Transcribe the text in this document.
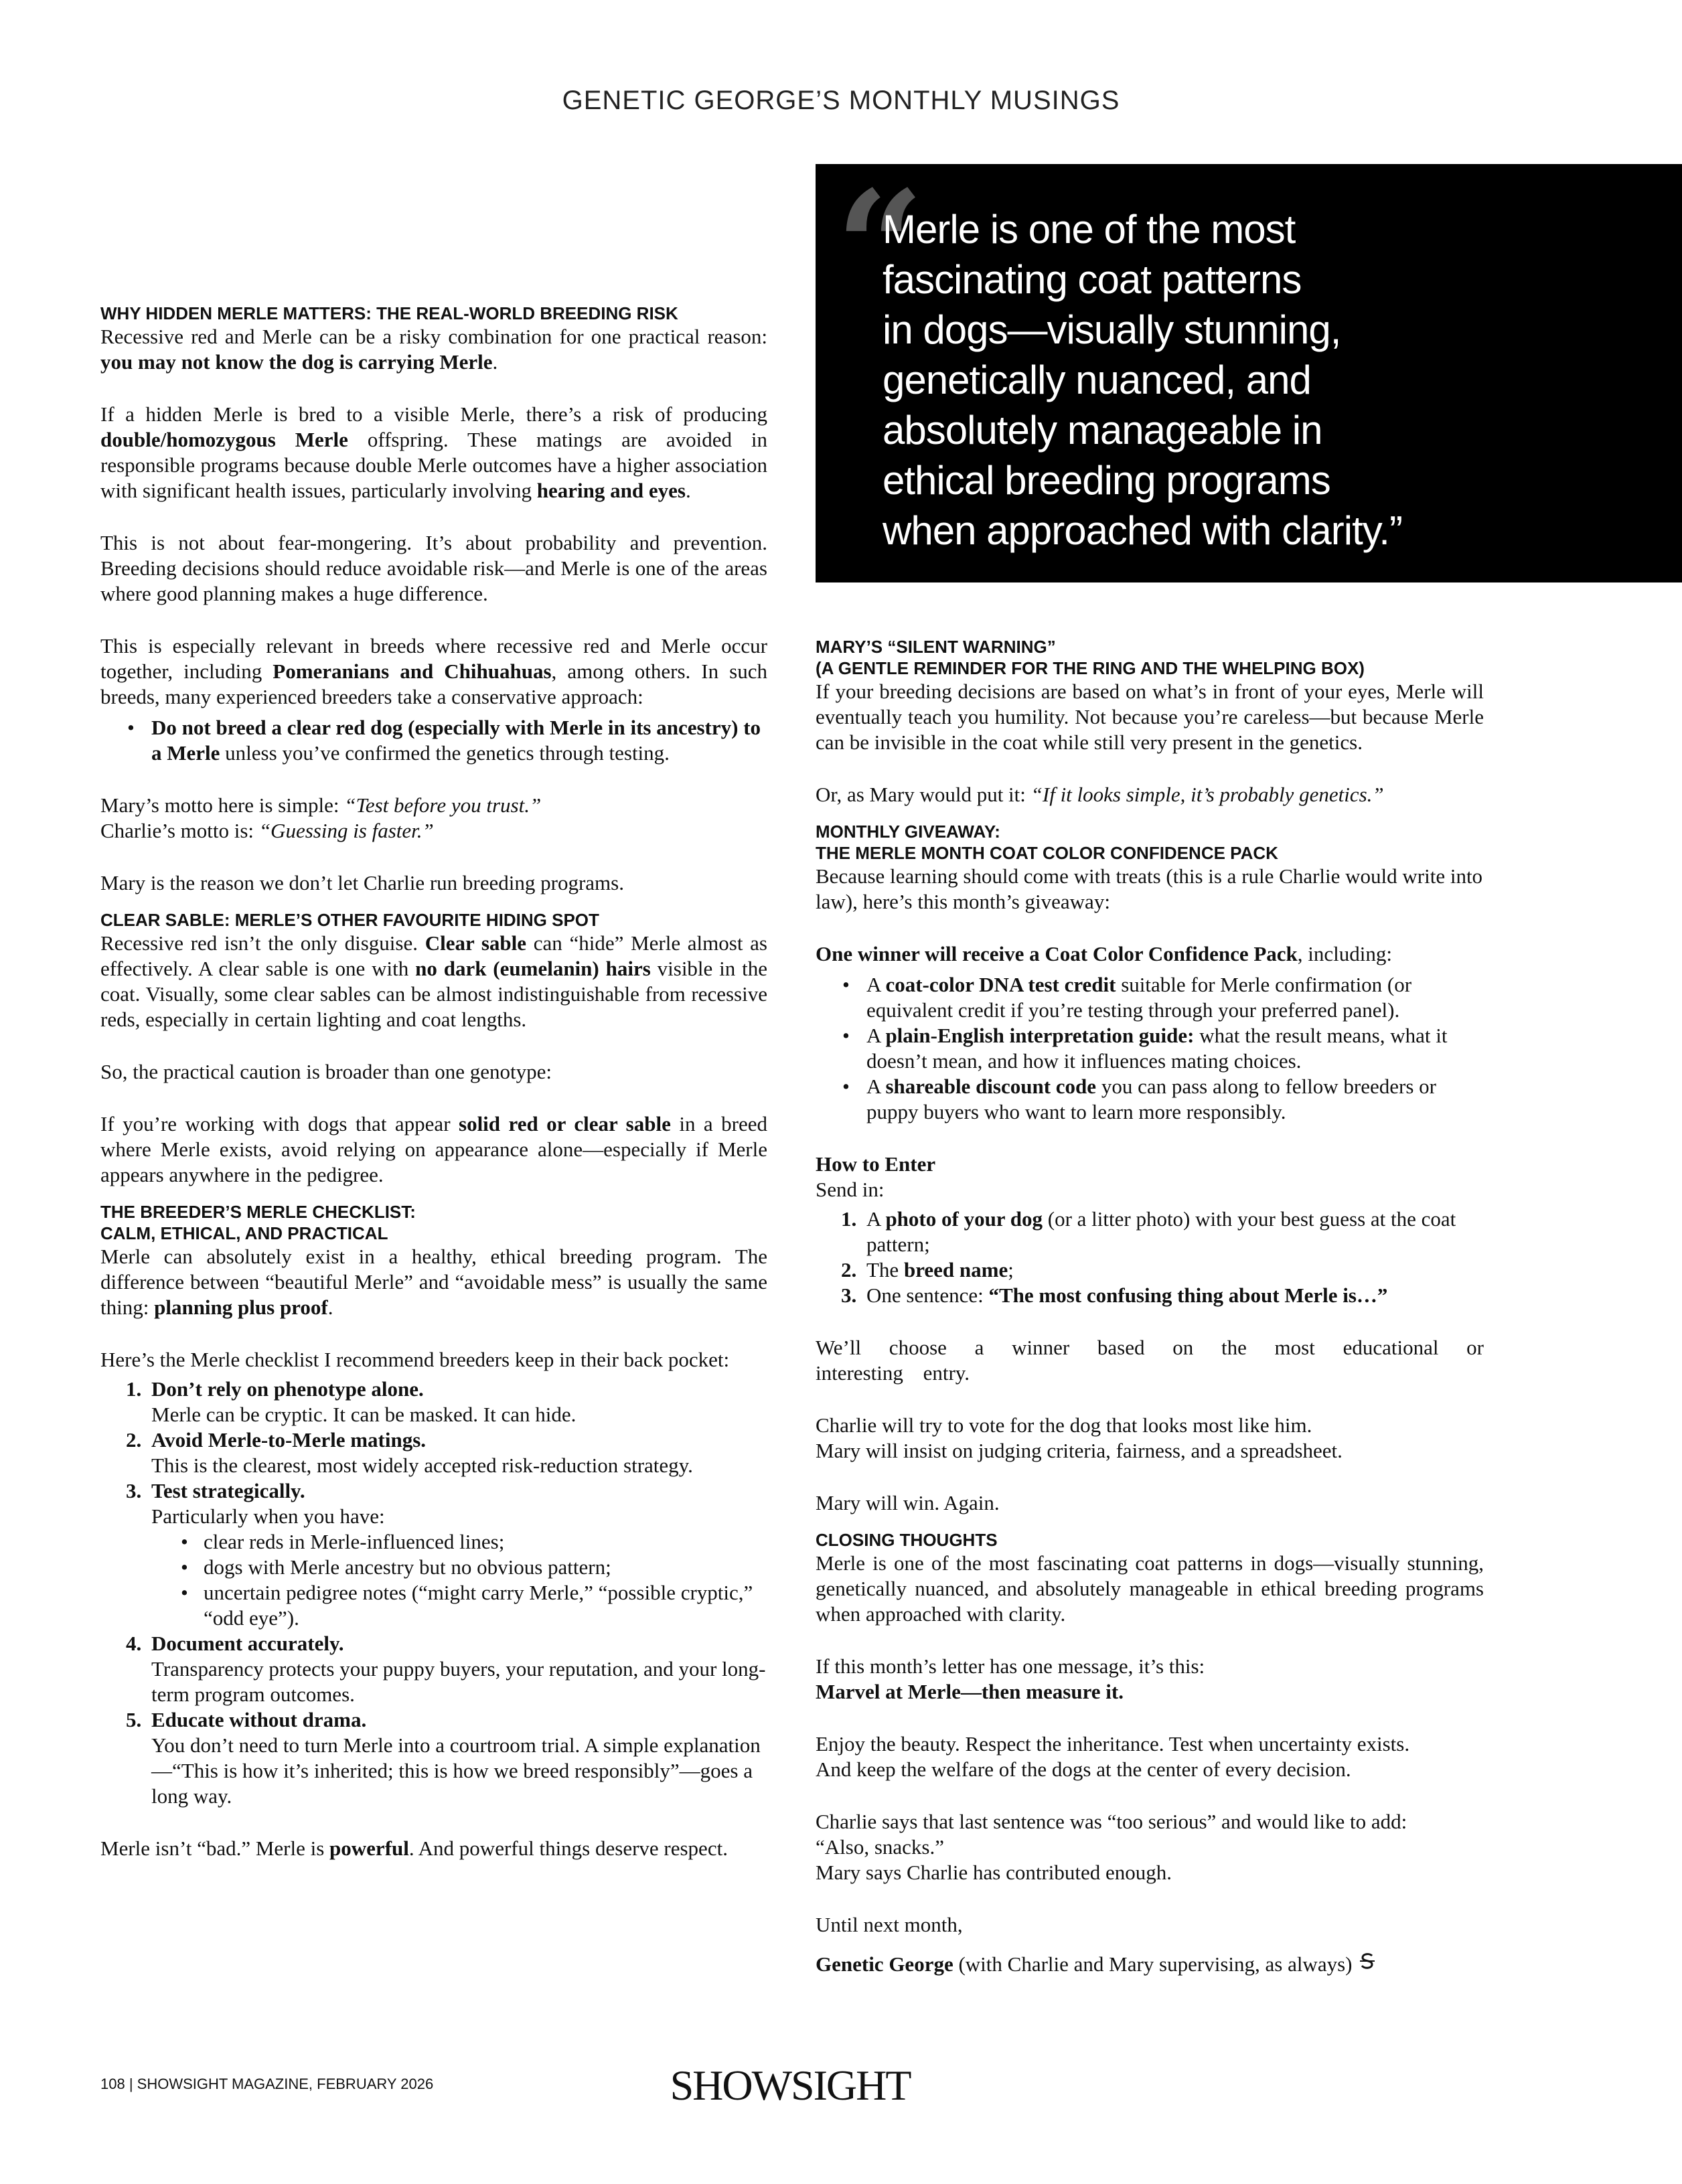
GENETIC GEORGE’S MONTHLY MUSINGS
“
Merle is one of the most
fascinating coat patterns
in dogs—visually stunning,
genetically nuanced, and
absolutely manageable in
ethical breeding programs
when approached with clarity.”
WHY HIDDEN MERLE MATTERS: THE REAL-WORLD BREEDING RISK

Recessive red and Merle can be a risky combination for one practical reason: you may not know the dog is carrying Merle.

If a hidden Merle is bred to a visible Merle, there’s a risk of producing double/homozygous Merle offspring. These matings are avoided in responsible programs because double Merle outcomes have a higher association with significant health issues, particularly involving hearing and eyes.

This is not about fear-mongering. It’s about probability and prevention. Breeding decisions should reduce avoidable risk—and Merle is one of the areas where good planning makes a huge difference.

This is especially relevant in breeds where recessive red and Merle occur together, including Pomeranians and Chihuahuas, among others. In such breeds, many experienced breeders take a conservative approach:

• Do not breed a clear red dog (especially with Merle in its ancestry) to a Merle unless you’ve confirmed the genetics through testing.

Mary’s motto here is simple: “Test before you trust.”

Charlie’s motto is: “Guessing is faster.”

Mary is the reason we don’t let Charlie run breeding programs.

CLEAR SABLE: MERLE’S OTHER FAVOURITE HIDING SPOT

Recessive red isn’t the only disguise. Clear sable can “hide” Merle almost as effectively. A clear sable is one with no dark (eumelanin) hairs visible in the coat. Visually, some clear sables can be almost indistinguishable from recessive reds, especially in certain lighting and coat lengths.

So, the practical caution is broader than one genotype:

If you’re working with dogs that appear solid red or clear sable in a breed where Merle exists, avoid relying on appearance alone—especially if Merle appears anywhere in the pedigree.

THE BREEDER’S MERLE CHECKLIST:
CALM, ETHICAL, AND PRACTICAL

Merle can absolutely exist in a healthy, ethical breeding program. The difference between “beautiful Merle” and “avoidable mess” is usually the same thing: planning plus proof.

Here’s the Merle checklist I recommend breeders keep in their back pocket:

1. Don’t rely on phenotype alone.
Merle can be cryptic. It can be masked. It can hide.
2. Avoid Merle-to-Merle matings.
This is the clearest, most widely accepted risk-reduction strategy.
3. Test strategically.
Particularly when you have:
• clear reds in Merle-influenced lines;
• dogs with Merle ancestry but no obvious pattern;
• uncertain pedigree notes (“might carry Merle,” “possible cryptic,” “odd eye”).
4. Document accurately.
Transparency protects your puppy buyers, your reputation, and your long-term program outcomes.
5. Educate without drama.
You don’t need to turn Merle into a courtroom trial. A simple explanation—“This is how it’s inherited; this is how we breed responsibly”—goes a long way.

Merle isn’t “bad.” Merle is powerful. And powerful things deserve respect.

MARY’S “SILENT WARNING”
(A GENTLE REMINDER FOR THE RING AND THE WHELPING BOX)

If your breeding decisions are based on what’s in front of your eyes, Merle will eventually teach you humility. Not because you’re careless—but because Merle can be invisible in the coat while still very present in the genetics.

Or, as Mary would put it: “If it looks simple, it’s probably genetics.”

MONTHLY GIVEAWAY:
THE MERLE MONTH COAT COLOR CONFIDENCE PACK

Because learning should come with treats (this is a rule Charlie would write into law), here’s this month’s giveaway:

One winner will receive a Coat Color Confidence Pack, including:

• A coat-color DNA test credit suitable for Merle confirmation (or equivalent credit if you’re testing through your preferred panel).
• A plain-English interpretation guide: what the result means, what it doesn’t mean, and how it influences mating choices.
• A shareable discount code you can pass along to fellow breeders or puppy buyers who want to learn more responsibly.

How to Enter

Send in:

1. A photo of your dog (or a litter photo) with your best guess at the coat pattern;
2. The breed name;
3. One sentence: “The most confusing thing about Merle is…”

We’ll choose a winner based on the most educational or interesting entry.

Charlie will try to vote for the dog that looks most like him.

Mary will insist on judging criteria, fairness, and a spreadsheet.

Mary will win. Again.

CLOSING THOUGHTS

Merle is one of the most fascinating coat patterns in dogs—visually stunning, genetically nuanced, and absolutely manageable in ethical breeding programs when approached with clarity.

If this month’s letter has one message, it’s this:

Marvel at Merle—then measure it.

Enjoy the beauty. Respect the inheritance. Test when uncertainty exists.

And keep the welfare of the dogs at the center of every decision.

Charlie says that last sentence was “too serious” and would like to add:

“Also, snacks.”

Mary says Charlie has contributed enough.

Until next month,

Genetic George (with Charlie and Mary supervising, as always)

108 | SHOWSIGHT MAGAZINE, FEBRUARY 2026	SHOWSIGHT
